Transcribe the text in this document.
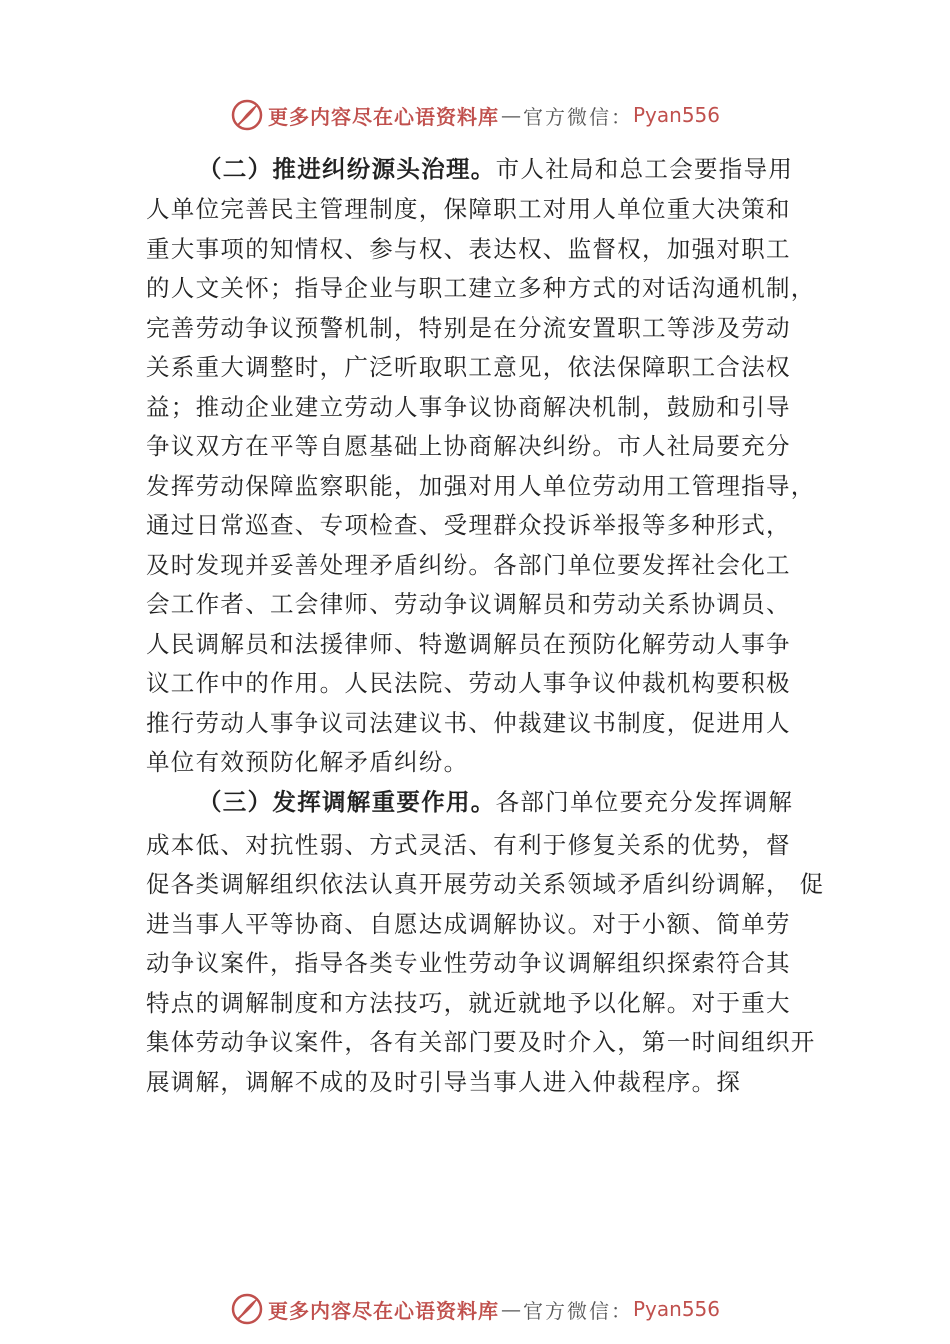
更多内容尽在心语资料库 — 官方微信： Pyan556
（二）推进纠纷源头治理。市人社局和总工会要指导用
人单位完善民主管理制度，保障职工对用人单位重大决策和
重大事项的知情权、参与权、表达权、监督权，加强对职工
的人文关怀；指导企业与职工建立多种方式的对话沟通机制，
完善劳动争议预警机制，特别是在分流安置职工等涉及劳动
关系重大调整时，广泛听取职工意见，依法保障职工合法权
益；推动企业建立劳动人事争议协商解决机制，鼓励和引导
争议双方在平等自愿基础上协商解决纠纷。市人社局要充分
发挥劳动保障监察职能，加强对用人单位劳动用工管理指导，
通过日常巡查、专项检查、受理群众投诉举报等多种形式，
及时发现并妥善处理矛盾纠纷。各部门单位要发挥社会化工
会工作者、工会律师、劳动争议调解员和劳动关系协调员、
人民调解员和法援律师、特邀调解员在预防化解劳动人事争
议工作中的作用。人民法院、劳动人事争议仲裁机构要积极
推行劳动人事争议司法建议书、仲裁建议书制度，促进用人
单位有效预防化解矛盾纠纷。
（三）发挥调解重要作用。各部门单位要充分发挥调解
成本低、对抗性弱、方式灵活、有利于修复关系的优势，督
促各类调解组织依法认真开展劳动关系领域矛盾纠纷调解， 促
进当事人平等协商、自愿达成调解协议。对于小额、简单劳
动争议案件，指导各类专业性劳动争议调解组织探索符合其
特点的调解制度和方法技巧，就近就地予以化解。对于重大
集体劳动争议案件，各有关部门要及时介入，第一时间组织开
展调解，调解不成的及时引导当事人进入仲裁程序。探
更多内容尽在心语资料库 — 官方微信： Pyan556
